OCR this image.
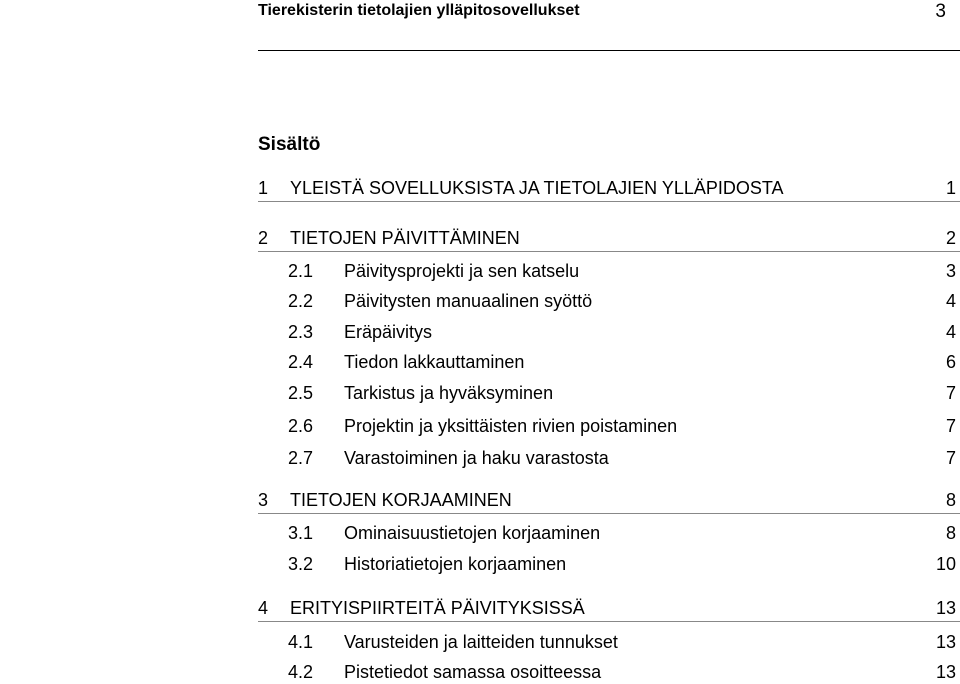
Tierekisterin tietolajien ylläpitosovellukset	3
Sisältö
1 YLEISTÄ SOVELLUKSISTA JA TIETOLAJIEN YLLÄPIDOSTA	1
2 TIETOJEN PÄIVITTÄMINEN	2
2.1 Päivitysprojekti ja sen katselu	3
2.2 Päivitysten manuaalinen syöttö	4
2.3 Eräpäivitys	4
2.4 Tiedon lakkauttaminen	6
2.5 Tarkistus ja hyväksyminen	7
2.6 Projektin ja yksittäisten rivien poistaminen	7
2.7 Varastoiminen ja haku varastosta	7
3 TIETOJEN KORJAAMINEN	8
3.1 Ominaisuustietojen korjaaminen	8
3.2 Historiatietojen korjaaminen	10
4 ERITYISPIIRTEITÄ PÄIVITYKSISSÄ	13
4.1 Varusteiden ja laitteiden tunnukset	13
4.2 Pistetiedot samassa osoitteessa	13
